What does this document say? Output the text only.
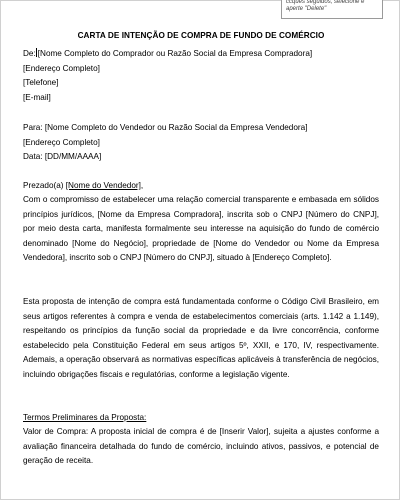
ccques seguidos, selecione e
aperte "Delete"
CARTA DE INTENÇÃO DE COMPRA DE FUNDO DE COMÉRCIO
De: [Nome Completo do Comprador ou Razão Social da Empresa Compradora]
[Endereço Completo]
[Telefone]
[E-mail]
Para: [Nome Completo do Vendedor ou Razão Social da Empresa Vendedora]
[Endereço Completo]
Data: [DD/MM/AAAA]
Prezado(a) [Nome do Vendedor],
Com o compromisso de estabelecer uma relação comercial transparente e embasada em sólidos princípios jurídicos, [Nome da Empresa Compradora], inscrita sob o CNPJ [Número do CNPJ], por meio desta carta, manifesta formalmente seu interesse na aquisição do fundo de comércio denominado [Nome do Negócio], propriedade de [Nome do Vendedor ou Nome da Empresa Vendedora], inscrito sob o CNPJ [Número do CNPJ], situado à [Endereço Completo].
Esta proposta de intenção de compra está fundamentada conforme o Código Civil Brasileiro, em seus artigos referentes à compra e venda de estabelecimentos comerciais (arts. 1.142 a 1.149), respeitando os princípios da função social da propriedade e da livre concorrência, conforme estabelecido pela Constituição Federal em seus artigos 5º, XXII, e 170, IV, respectivamente. Ademais, a operação observará as normativas específicas aplicáveis à transferência de negócios, incluindo obrigações fiscais e regulatórias, conforme a legislação vigente.
Termos Preliminares da Proposta:
Valor de Compra: A proposta inicial de compra é de [Inserir Valor], sujeita a ajustes conforme a avaliação financeira detalhada do fundo de comércio, incluindo ativos, passivos, e potencial de geração de receita.
